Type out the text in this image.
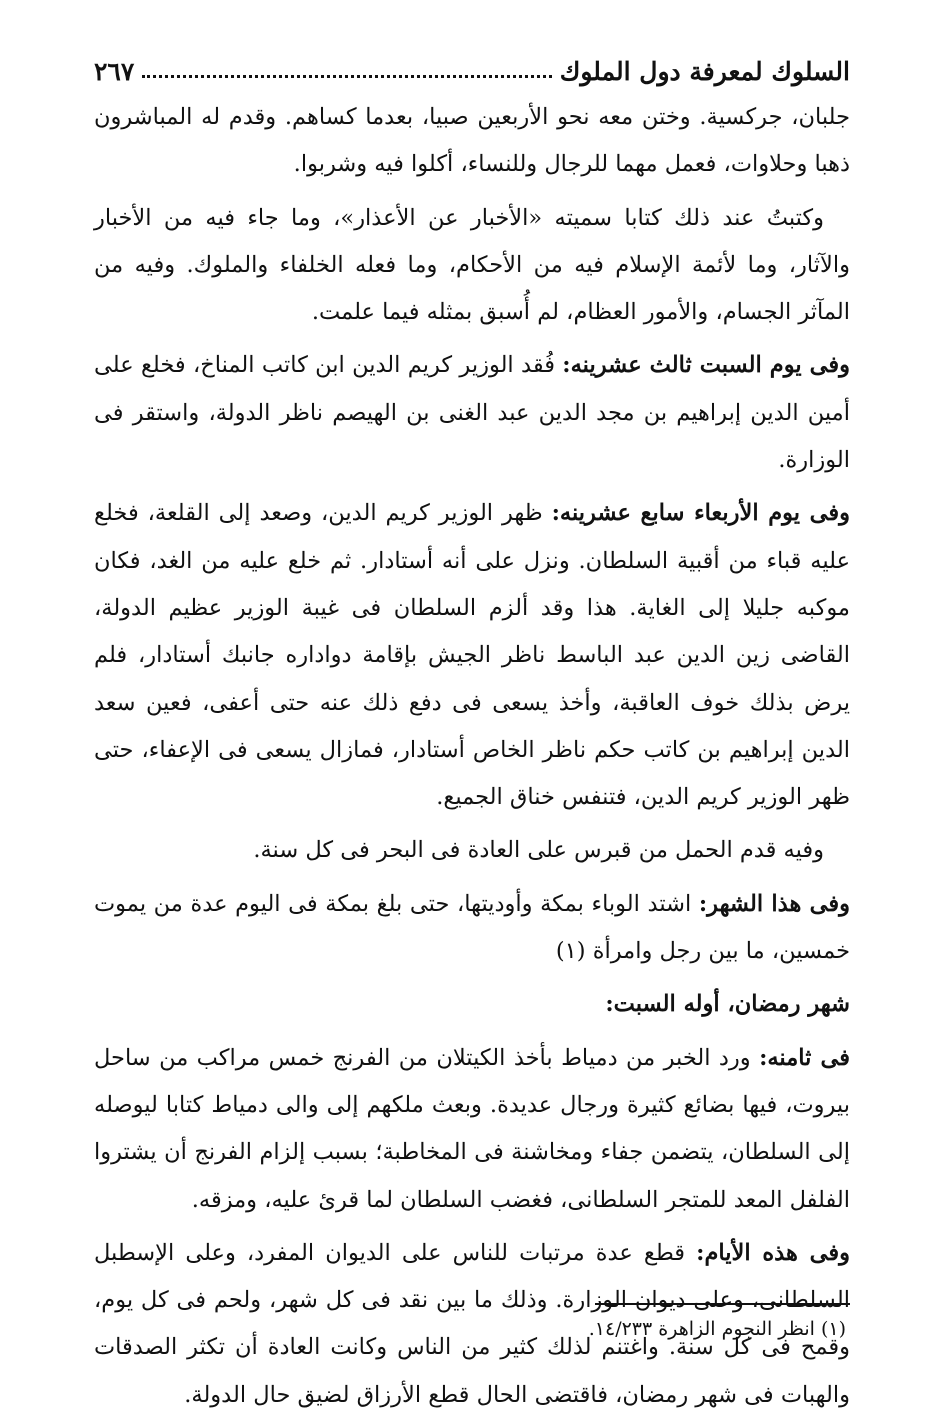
السلوك لمعرفة دول الملوك
٢٦٧

جلبان، جركسية. وختن معه نحو الأربعين صبيا، بعدما كساهم. وقدم له المباشرون ذهبا وحلاوات، فعمل مهما للرجال وللنساء، أكلوا فيه وشربوا.

وكتبتُ عند ذلك كتابا سميته «الأخبار عن الأعذار»، وما جاء فيه من الأخبار والآثار، وما لأئمة الإسلام فيه من الأحكام، وما فعله الخلفاء والملوك. وفيه من المآثر الجسام، والأمور العظام، لم أُسبق بمثله فيما علمت.

وفى يوم السبت ثالث عشرينه: فُقد الوزير كريم الدين ابن كاتب المناخ، فخلع على أمين الدين إبراهيم بن مجد الدين عبد الغنى بن الهيصم ناظر الدولة، واستقر فى الوزارة.

وفى يوم الأربعاء سابع عشرينه: ظهر الوزير كريم الدين، وصعد إلى القلعة، فخلع عليه قباء من أقبية السلطان. ونزل على أنه أستادار. ثم خلع عليه من الغد، فكان موكبه جليلا إلى الغاية. هذا وقد ألزم السلطان فى غيبة الوزير عظيم الدولة، القاضى زين الدين عبد الباسط ناظر الجيش بإقامة دواداره جانبك أستادار، فلم يرض بذلك خوف العاقبة، وأخذ يسعى فى دفع ذلك عنه حتى أعفى، فعين سعد الدين إبراهيم بن كاتب حكم ناظر الخاص أستادار، فمازال يسعى فى الإعفاء، حتى ظهر الوزير كريم الدين، فتنفس خناق الجميع.

وفيه قدم الحمل من قبرس على العادة فى البحر فى كل سنة.

وفى هذا الشهر: اشتد الوباء بمكة وأوديتها، حتى بلغ بمكة فى اليوم عدة من يموت خمسين، ما بين رجل وامرأة (١)

شهر رمضان، أوله السبت:

فى ثامنه: ورد الخبر من دمياط بأخذ الكيتلان من الفرنج خمس مراكب من ساحل بيروت، فيها بضائع كثيرة ورجال عديدة. وبعث ملكهم إلى والى دمياط كتابا ليوصله إلى السلطان، يتضمن جفاء ومخاشنة فى المخاطبة؛ بسبب إلزام الفرنج أن يشتروا الفلفل المعد للمتجر السلطانى، فغضب السلطان لما قرئ عليه، ومزقه.

وفى هذه الأيام: قطع عدة مرتبات للناس على الديوان المفرد، وعلى الإسطبل السلطانى، وعلى ديوان الوزارة. وذلك ما بين نقد فى كل شهر، ولحم فى كل يوم، وقمح فى كل سنة. واغتنم لذلك كثير من الناس وكانت العادة أن تكثر الصدقات والهبات فى شهر رمضان، فاقتضى الحال قطع الأرزاق لضيق حال الدولة.

(١) انظر النجوم الزاهرة ١٤/٢٣٣.
